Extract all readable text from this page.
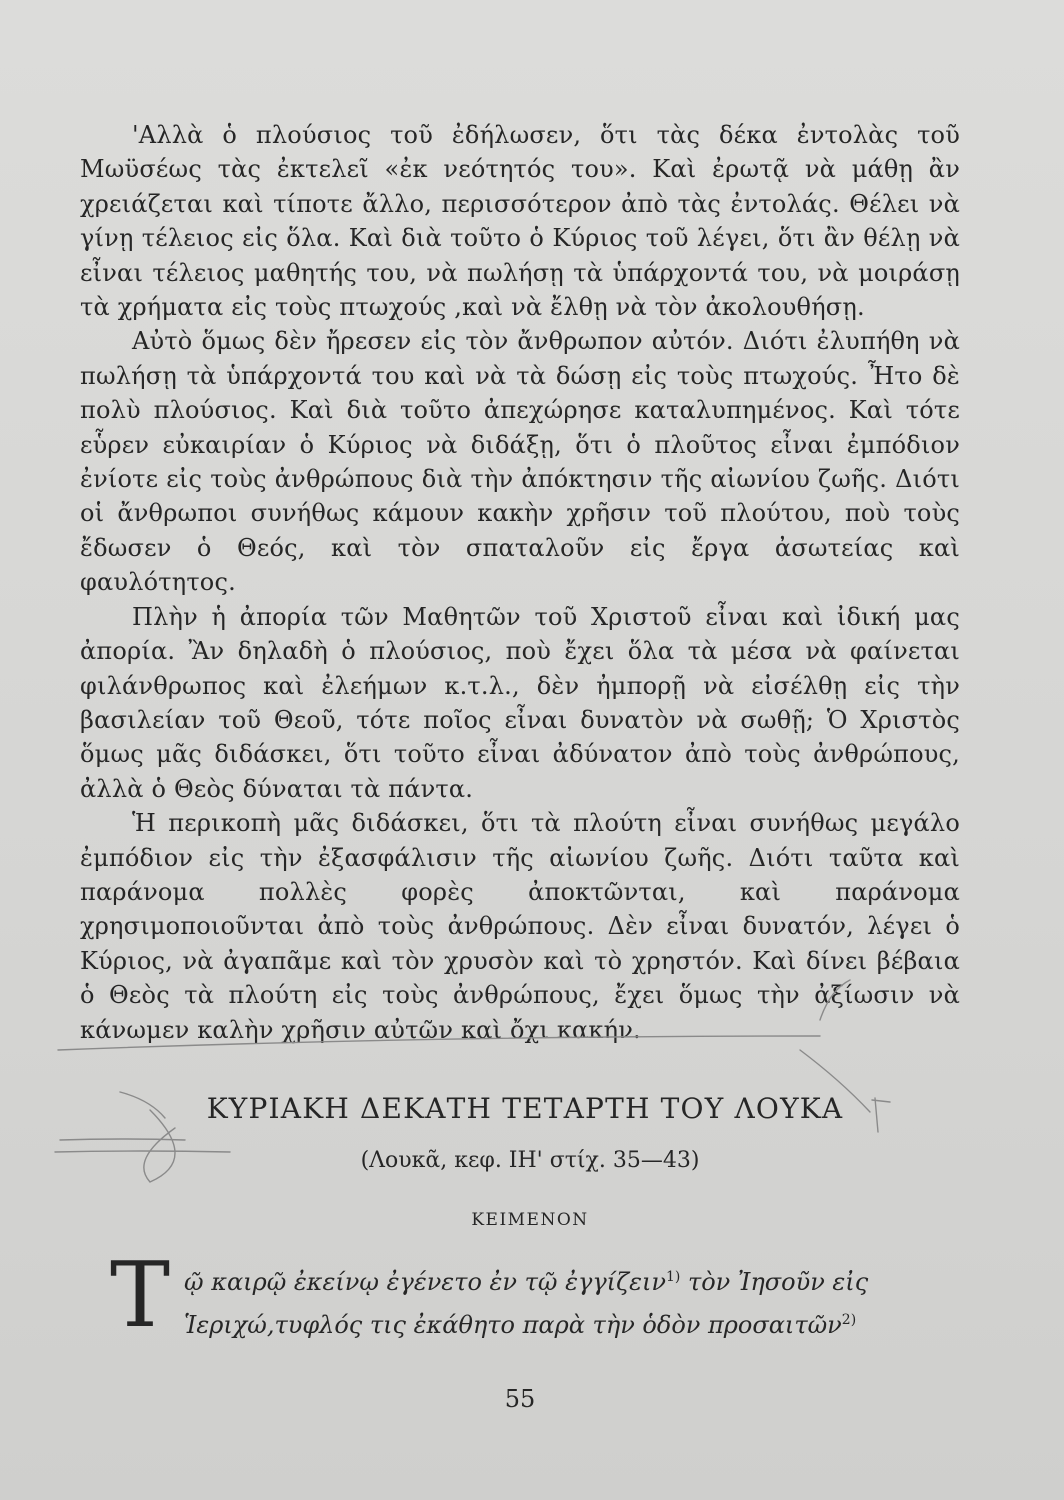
'Αλλὰ ὁ πλούσιος τοῦ ἐδήλωσεν, ὅτι τὰς δέκα ἐντολὰς τοῦ Μωϋσέως τὰς ἐκτελεῖ «ἐκ νεότητός του». Καὶ ἐρωτᾷ νὰ μάθῃ ἂν χρειάζεται καὶ τίποτε ἄλλο, περισσότερον ἀπὸ τὰς ἐντολάς. Θέλει νὰ γίνῃ τέλειος εἰς ὅλα. Καὶ διὰ τοῦτο ὁ Κύριος τοῦ λέγει, ὅτι ἂν θέλῃ νὰ εἶναι τέλειος μαθητής του, νὰ πωλήσῃ τὰ ὑπάρχοντά του, νὰ μοιράσῃ τὰ χρήματα εἰς τοὺς πτωχούς ,καὶ νὰ ἔλθῃ νὰ τὸν ἀκολουθήσῃ.

Αὐτὸ ὅμως δὲν ἤρεσεν εἰς τὸν ἄνθρωπον αὐτόν. Διότι ἐλυπήθη νὰ πωλήσῃ τὰ ὑπάρχοντά του καὶ νὰ τὰ δώσῃ εἰς τοὺς πτωχούς. Ἦτο δὲ πολὺ πλούσιος. Καὶ διὰ τοῦτο ἀπεχώρησε καταλυπημένος. Καὶ τότε εὗρεν εὐκαιρίαν ὁ Κύριος νὰ διδάξῃ, ὅτι ὁ πλοῦτος εἶναι ἐμπόδιον ἐνίοτε εἰς τοὺς ἀνθρώπους διὰ τὴν ἀπόκτησιν τῆς αἰωνίου ζωῆς. Διότι οἱ ἄνθρωποι συνήθως κάμουν κακὴν χρῆσιν τοῦ πλούτου, ποὺ τοὺς ἔδωσεν ὁ Θεός, καὶ τὸν σπαταλοῦν εἰς ἔργα ἀσωτείας καὶ φαυλότητος.

Πλὴν ἡ ἀπορία τῶν Μαθητῶν τοῦ Χριστοῦ εἶναι καὶ ἰδική μας ἀπορία. Ἂν δηλαδὴ ὁ πλούσιος, ποὺ ἔχει ὅλα τὰ μέσα νὰ φαίνεται φιλάνθρωπος καὶ ἐλεήμων κ.τ.λ., δὲν ἠμπορῇ νὰ εἰσέλθῃ εἰς τὴν βασιλείαν τοῦ Θεοῦ, τότε ποῖος εἶναι δυνατὸν νὰ σωθῇ; Ὁ Χριστὸς ὅμως μᾶς διδάσκει, ὅτι τοῦτο εἶναι ἀδύνατον ἀπὸ τοὺς ἀνθρώπους, ἀλλὰ ὁ Θεὸς δύναται τὰ πάντα.

Ἡ περικοπὴ μᾶς διδάσκει, ὅτι τὰ πλούτη εἶναι συνήθως μεγάλο ἐμπόδιον εἰς τὴν ἐξασφάλισιν τῆς αἰωνίου ζωῆς. Διότι ταῦτα καὶ παράνομα πολλὲς φορὲς ἀποκτῶνται, καὶ παράνομα χρησιμοποιοῦνται ἀπὸ τοὺς ἀνθρώπους. Δὲν εἶναι δυνατόν, λέγει ὁ Κύριος, νὰ ἀγαπᾶμε καὶ τὸν χρυσὸν καὶ τὸ χρηστόν. Καὶ δίνει βέβαια ὁ Θεὸς τὰ πλούτη εἰς τοὺς ἀνθρώπους, ἔχει ὅμως τὴν ἀξίωσιν νὰ κάνωμεν καλὴν χρῆσιν αὐτῶν καὶ ὄχι κακήν.

ΚΥΡΙΑΚΗ ΔΕΚΑΤΗ ΤΕΤΑΡΤΗ ΤΟΥ ΛΟΥΚΑ
(Λουκᾶ, κεφ. ΙΗ' στίχ. 35—43)
ΚΕΙΜΕΝΟΝ
Τ ῷ καιρῷ ἐκείνῳ ἐγένετο ἐν τῷ ἐγγίζειν$^{1)}$ τὸν Ἰησοῦν εἰς Ἱεριχώ,τυφλός τις ἐκάθητο παρὰ τὴν ὁδὸν προσαιτῶν$^{2)}$
55
